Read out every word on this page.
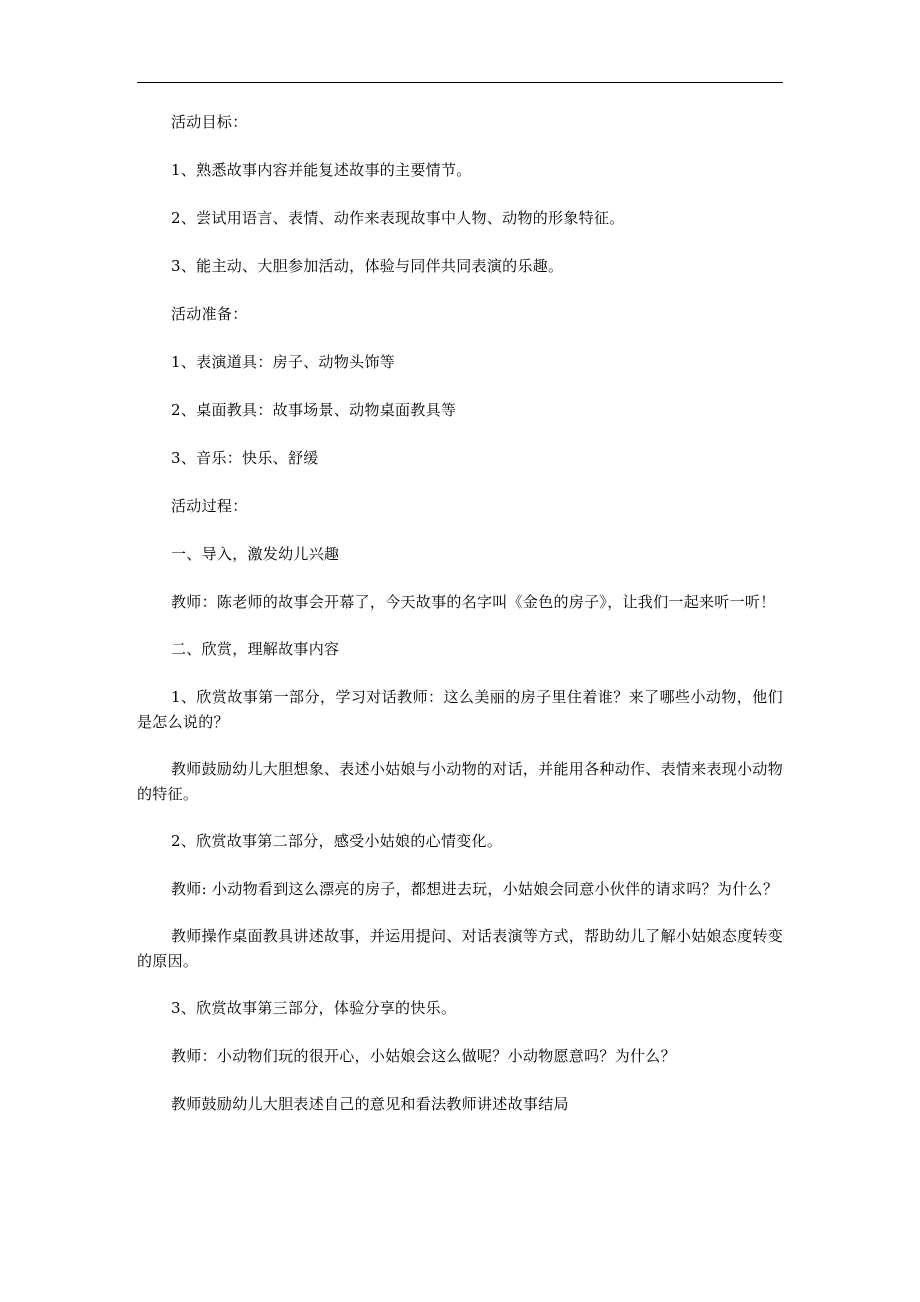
活动目标：

1、熟悉故事内容并能复述故事的主要情节。

2、尝试用语言、表情、动作来表现故事中人物、动物的形象特征。

3、能主动、大胆参加活动，体验与同伴共同表演的乐趣。

活动准备：

1、表演道具：房子、动物头饰等

2、桌面教具：故事场景、动物桌面教具等

3、音乐：快乐、舒缓

活动过程：

一、导入，激发幼儿兴趣

教师：陈老师的故事会开幕了，今天故事的名字叫《金色的房子》，让我们一起来听一听！

二、欣赏，理解故事内容

1、欣赏故事第一部分，学习对话教师：这么美丽的房子里住着谁？来了哪些小动物，他们是怎么说的？

教师鼓励幼儿大胆想象、表述小姑娘与小动物的对话，并能用各种动作、表情来表现小动物的特征。

2、欣赏故事第二部分，感受小姑娘的心情变化。

教师: 小动物看到这么漂亮的房子，都想进去玩，小姑娘会同意小伙伴的请求吗？为什么？

教师操作桌面教具讲述故事，并运用提问、对话表演等方式，帮助幼儿了解小姑娘态度转变的原因。

3、欣赏故事第三部分，体验分享的快乐。

教师：小动物们玩的很开心，小姑娘会这么做呢？小动物愿意吗？为什么？

教师鼓励幼儿大胆表述自己的意见和看法教师讲述故事结局
